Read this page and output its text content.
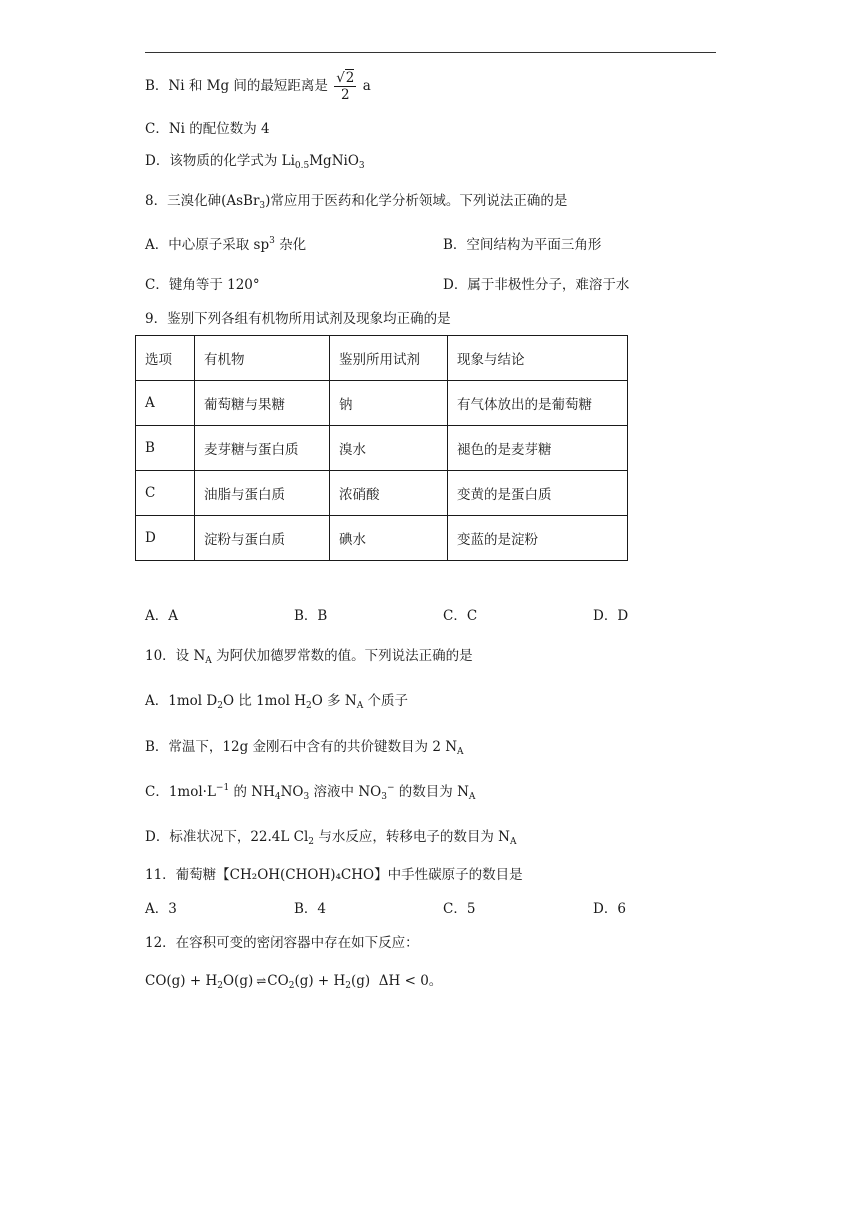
B．Ni 和 Mg 间的最短距离是 $\frac{√2}{2}$ a
C．Ni 的配位数为 4
D．该物质的化学式为 $Li_{0.5}MgNiO_3$
8．三溴化砷(AsBr$_3$)常应用于医药和化学分析领域。下列说法正确的是
A．中心原子采取 $sp^3$ 杂化	B．空间结构为平面三角形
C．键角等于 120°	D．属于非极性分子，难溶于水
9．鉴别下列各组有机物所用试剂及现象均正确的是
选项	有机物	鉴别所用试剂	现象与结论
A	葡萄糖与果糖	钠	有气体放出的是葡萄糖
B	麦芽糖与蛋白质	溴水	褪色的是麦芽糖
C	油脂与蛋白质	浓硝酸	变黄的是蛋白质
D	淀粉与蛋白质	碘水	变蓝的是淀粉
A．A	B．B	C．C	D．D
10．设 $N_A$ 为阿伏加德罗常数的值。下列说法正确的是
A．1mol $D_2O$ 比 1mol $H_2O$ 多 $N_A$ 个质子
B．常温下，12g 金刚石中含有的共价键数目为 2 $N_A$
C．$1mol\cdot L^{-1}$ 的 $NH_4NO_3$ 溶液中 $NO_3^-$ 的数目为 $N_A$
D．标准状况下，22.4L $Cl_2$ 与水反应，转移电子的数目为 $N_A$
11．葡萄糖【CH₂OH(CHOH)₄CHO】中手性碳原子的数目是
A．3	B．4	C．5	D．6
12．在容积可变的密闭容器中存在如下反应：
$CO(g) + H_2O(g)$ ⇌ $CO_2(g) + H_2(g) \Delta H < 0$。
